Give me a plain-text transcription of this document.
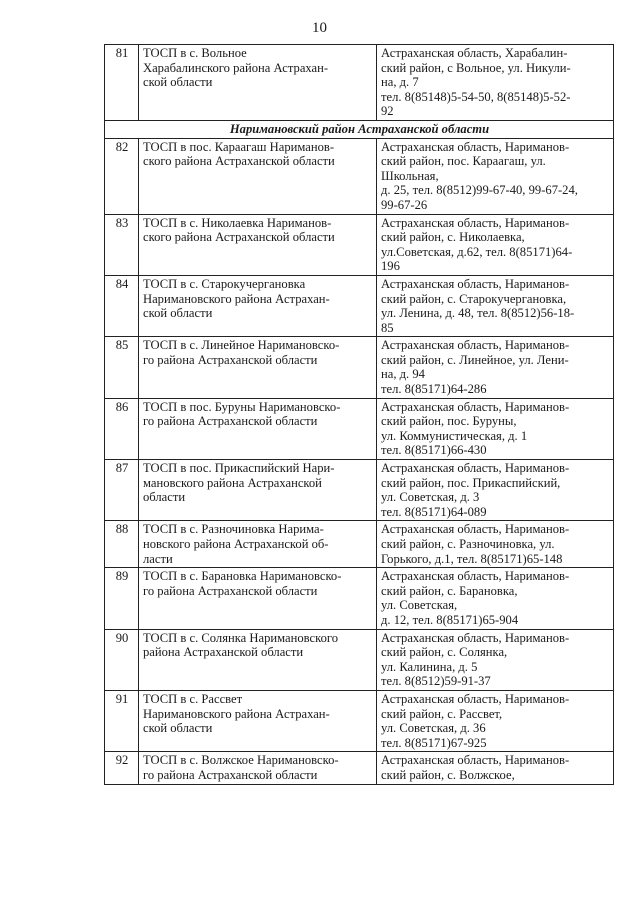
10
81	ТОСП в с. Вольное
Харабалинского района Астрахан-
ской области	Астраханская область, Харабалин-
ский район, с Вольное, ул. Никули-
на, д. 7
тел. 8(85148)5-54-50, 8(85148)5-52-
92
Наримановский район Астраханской области		
82	ТОСП в пос. Караагаш Нариманов-
ского района Астраханской области	Астраханская область, Нариманов-
ский район, пос. Караагаш, ул.
Школьная,
д. 25, тел. 8(8512)99-67-40, 99-67-24,
99-67-26
83	ТОСП в с. Николаевка Нариманов-
ского района Астраханской области	Астраханская область, Нариманов-
ский район, с. Николаевка,
ул.Советская, д.62, тел. 8(85171)64-
196
84	ТОСП в с. Старокучергановка
Наримановского района Астрахан-
ской области	Астраханская область, Нариманов-
ский район, с. Старокучергановка,
ул. Ленина, д. 48, тел. 8(8512)56-18-
85
85	ТОСП в с. Линейное Наримановско-
го района Астраханской области	Астраханская область, Нариманов-
ский район, с. Линейное, ул. Лени-
на, д. 94
тел. 8(85171)64-286
86	ТОСП в пос. Буруны Наримановско-
го района Астраханской области	Астраханская область, Нариманов-
ский район, пос. Буруны,
ул. Коммунистическая, д. 1
тел. 8(85171)66-430
87	ТОСП в пос. Прикаспийский Нари-
мановского района Астраханской
области	Астраханская область, Нариманов-
ский район, пос. Прикаспийский,
ул. Советская, д. 3
тел. 8(85171)64-089
88	ТОСП в с. Разночиновка Нарима-
новского района Астраханской об-
ласти	Астраханская область, Нариманов-
ский район, с. Разночиновка, ул.
Горького, д.1, тел. 8(85171)65-148
89	ТОСП в с. Барановка Наримановско-
го района Астраханской области	Астраханская область, Нариманов-
ский район, с. Барановка,
ул. Советская,
д. 12, тел. 8(85171)65-904
90	ТОСП в с. Солянка Наримановского
района Астраханской области	Астраханская область, Нариманов-
ский район, с. Солянка,
ул. Калинина, д. 5
тел. 8(8512)59-91-37
91	ТОСП в с. Рассвет
Наримановского района Астрахан-
ской области	Астраханская область, Нариманов-
ский район, с. Рассвет,
ул. Советская, д. 36
тел. 8(85171)67-925
92	ТОСП в с. Волжское Наримановско-
го района Астраханской области	Астраханская область, Нариманов-
ский район, с. Волжское,
